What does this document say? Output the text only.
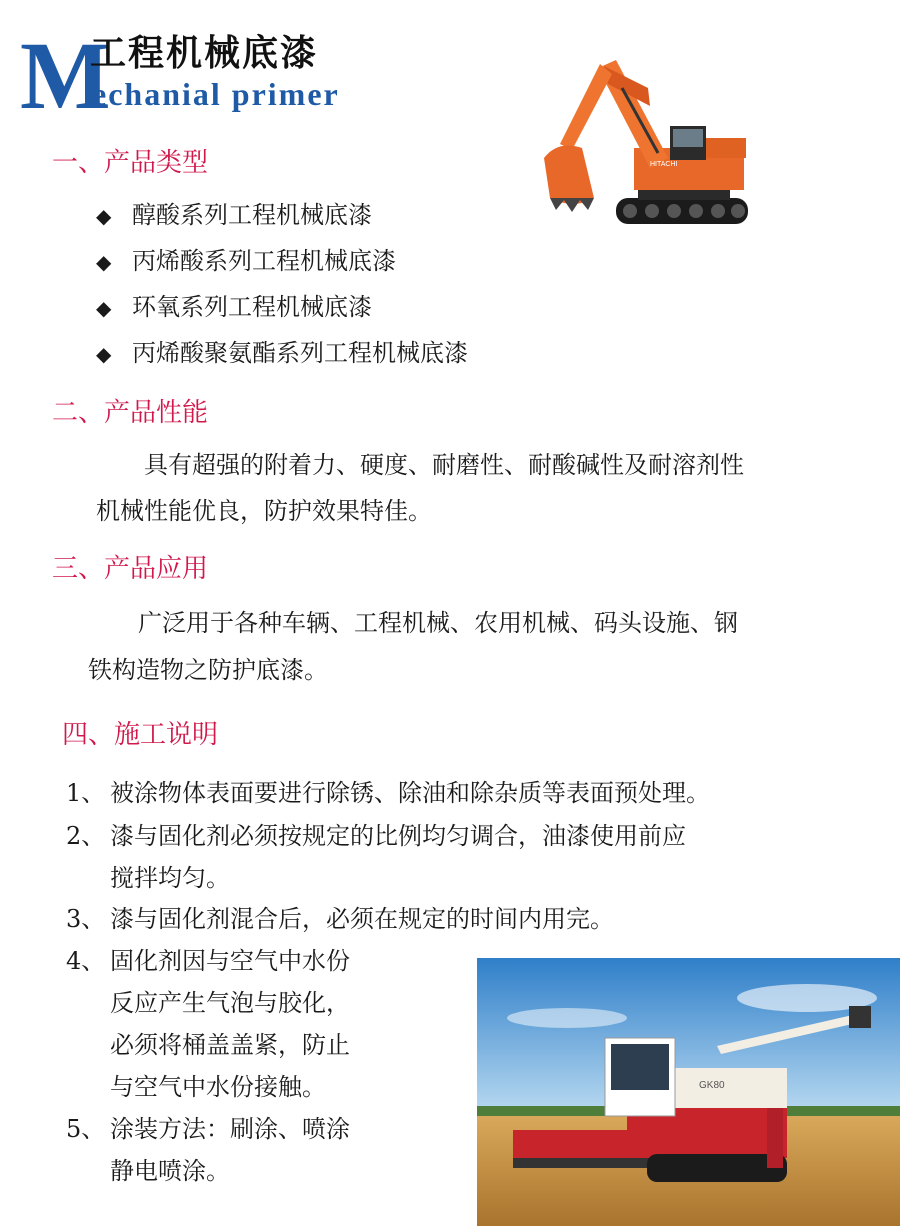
M
工程机械底漆
echanial primer
HITACHI
一、产品类型
◆ 醇酸系列工程机械底漆
◆ 丙烯酸系列工程机械底漆
◆ 环氧系列工程机械底漆
◆ 丙烯酸聚氨酯系列工程机械底漆
二、产品性能
具有超强的附着力、硬度、耐磨性、耐酸碱性及耐溶剂性
机械性能优良，防护效果特佳。
三、产品应用
广泛用于各种车辆、工程机械、农用机械、码头设施、钢
铁构造物之防护底漆。
四、施工说明
1、 被涂物体表面要进行除锈、除油和除杂质等表面预处理。
2、 漆与固化剂必须按规定的比例均匀调合，油漆使用前应
搅拌均匀。
3、 漆与固化剂混合后，必须在规定的时间内用完。
4、 固化剂因与空气中水份
反应产生气泡与胶化，
必须将桶盖盖紧，防止
与空气中水份接触。
5、 涂装方法：刷涂、喷涂
静电喷涂。
GK80
